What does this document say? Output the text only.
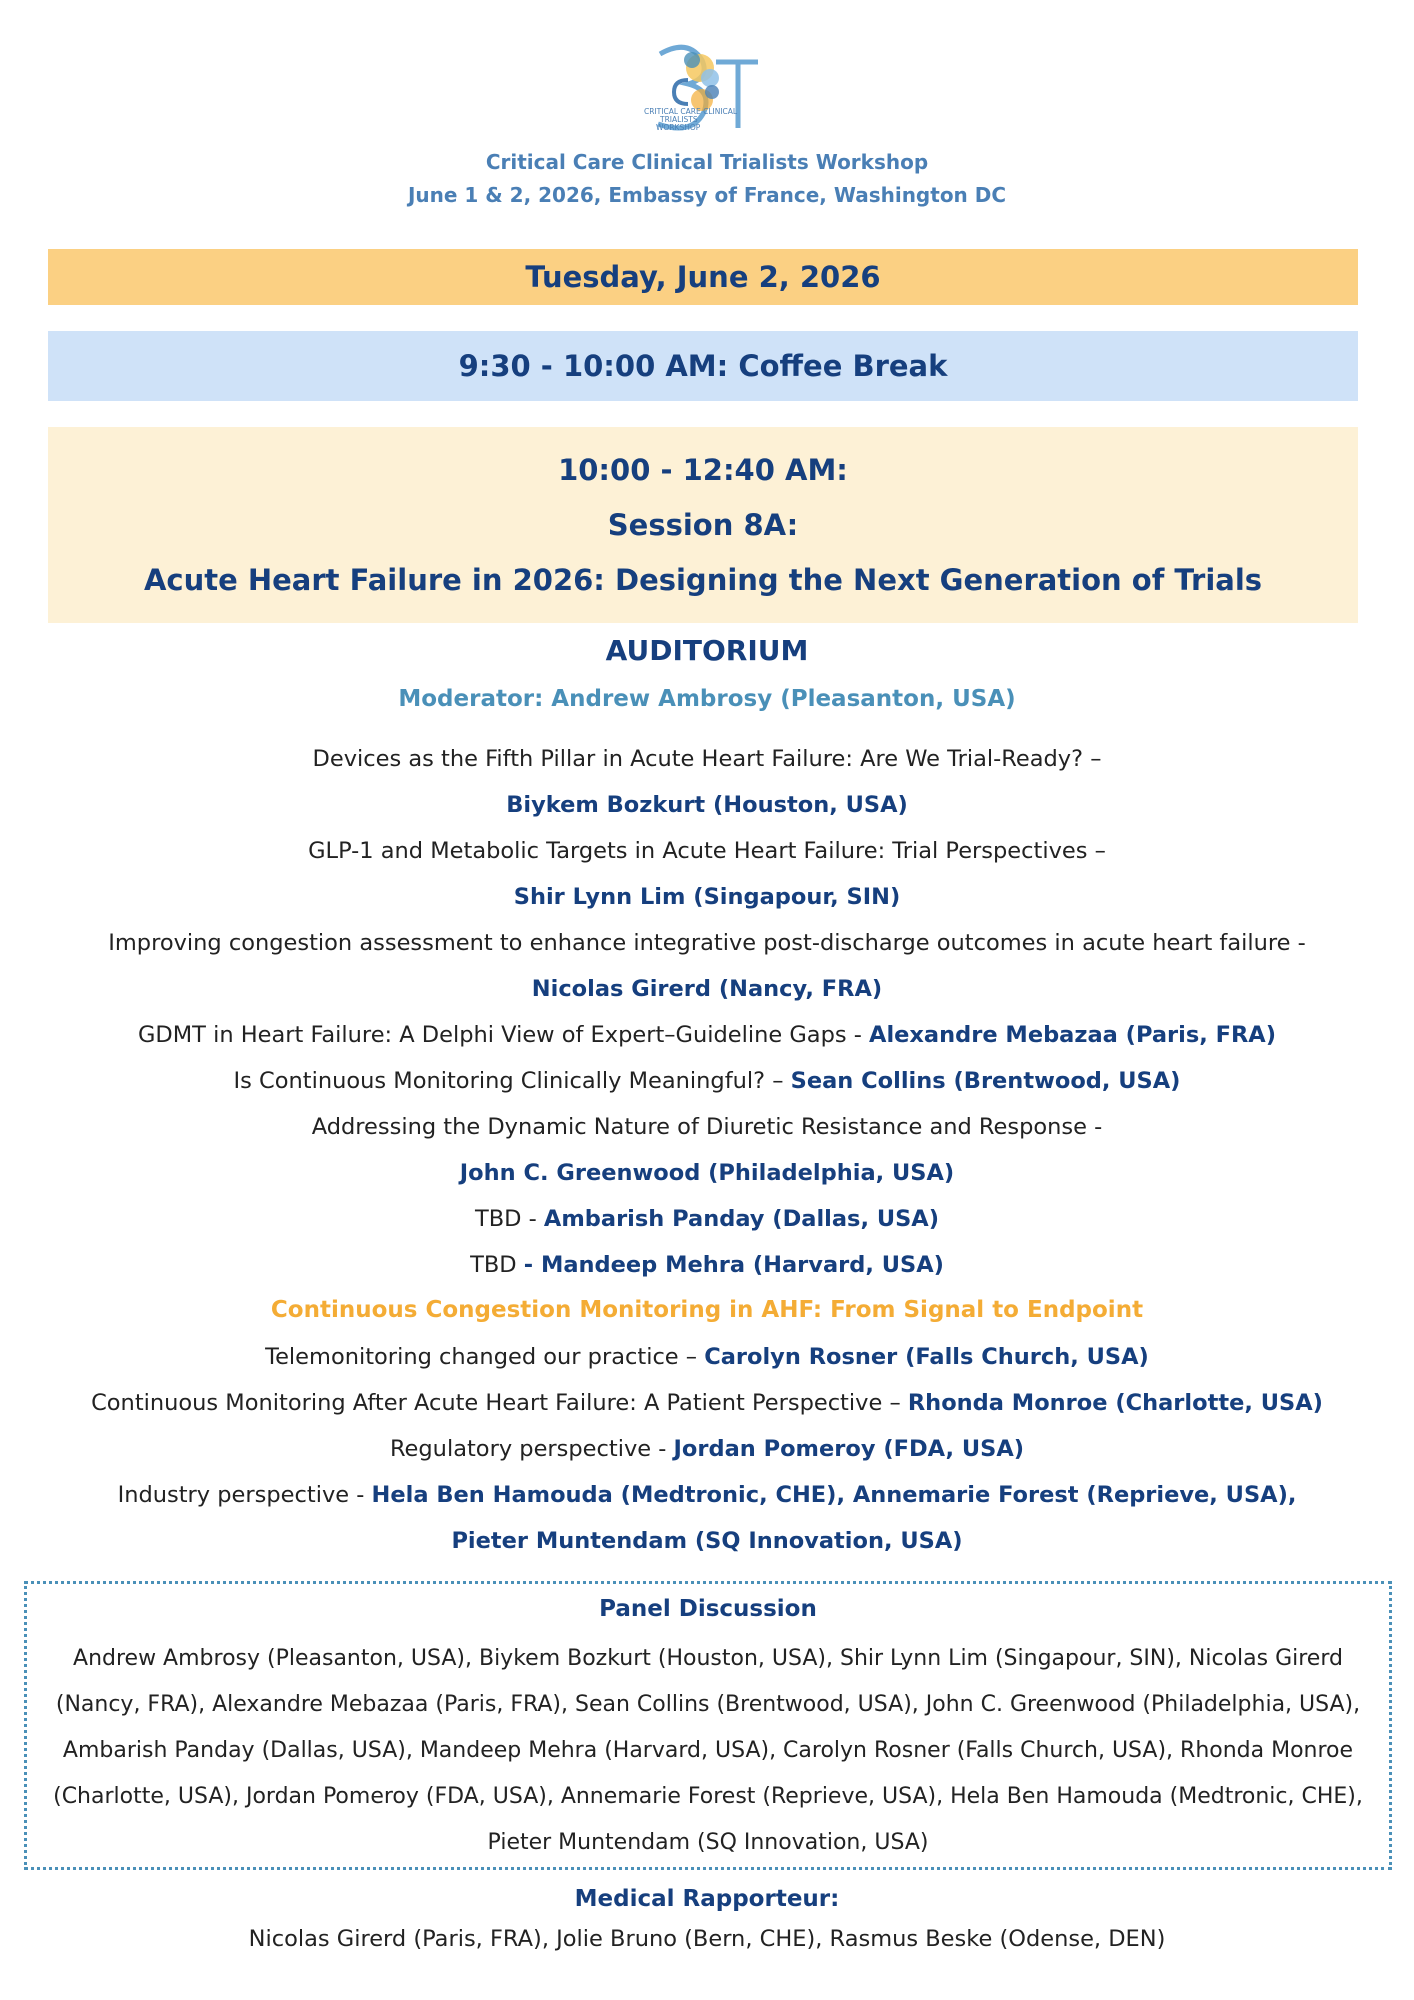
CRITICAL CARE CLINICAL
TRIALISTS
WORKSHOP
Critical Care Clinical Trialists Workshop
June 1 & 2, 2026, Embassy of France, Washington DC
Tuesday, June 2, 2026
9:30 - 10:00 AM: Coffee Break
10:00 - 12:40 AM:
Session 8A:
Acute Heart Failure in 2026: Designing the Next Generation of Trials
AUDITORIUM
Moderator: Andrew Ambrosy (Pleasanton, USA)
Devices as the Fifth Pillar in Acute Heart Failure: Are We Trial-Ready? –
Biykem Bozkurt (Houston, USA)
GLP-1 and Metabolic Targets in Acute Heart Failure: Trial Perspectives –
Shir Lynn Lim (Singapour, SIN)
Improving congestion assessment to enhance integrative post-discharge outcomes in acute heart failure -
Nicolas Girerd (Nancy, FRA)
GDMT in Heart Failure: A Delphi View of Expert–Guideline Gaps - Alexandre Mebazaa (Paris, FRA)
Is Continuous Monitoring Clinically Meaningful? – Sean Collins (Brentwood, USA)
Addressing the Dynamic Nature of Diuretic Resistance and Response -
John C. Greenwood (Philadelphia, USA)
TBD - Ambarish Panday (Dallas, USA)
TBD - Mandeep Mehra (Harvard, USA)
Continuous Congestion Monitoring in AHF: From Signal to Endpoint
Telemonitoring changed our practice – Carolyn Rosner (Falls Church, USA)
Continuous Monitoring After Acute Heart Failure: A Patient Perspective – Rhonda Monroe (Charlotte, USA)
Regulatory perspective - Jordan Pomeroy (FDA, USA)
Industry perspective - Hela Ben Hamouda (Medtronic, CHE), Annemarie Forest (Reprieve, USA),
Pieter Muntendam (SQ Innovation, USA)
Panel Discussion
Andrew Ambrosy (Pleasanton, USA), Biykem Bozkurt (Houston, USA), Shir Lynn Lim (Singapour, SIN), Nicolas Girerd (Nancy, FRA), Alexandre Mebazaa (Paris, FRA), Sean Collins (Brentwood, USA), John C. Greenwood (Philadelphia, USA), Ambarish Panday (Dallas, USA), Mandeep Mehra (Harvard, USA), Carolyn Rosner (Falls Church, USA), Rhonda Monroe (Charlotte, USA), Jordan Pomeroy (FDA, USA), Annemarie Forest (Reprieve, USA), Hela Ben Hamouda (Medtronic, CHE), Pieter Muntendam (SQ Innovation, USA)
Medical Rapporteur:
Nicolas Girerd (Paris, FRA), Jolie Bruno (Bern, CHE), Rasmus Beske (Odense, DEN)
